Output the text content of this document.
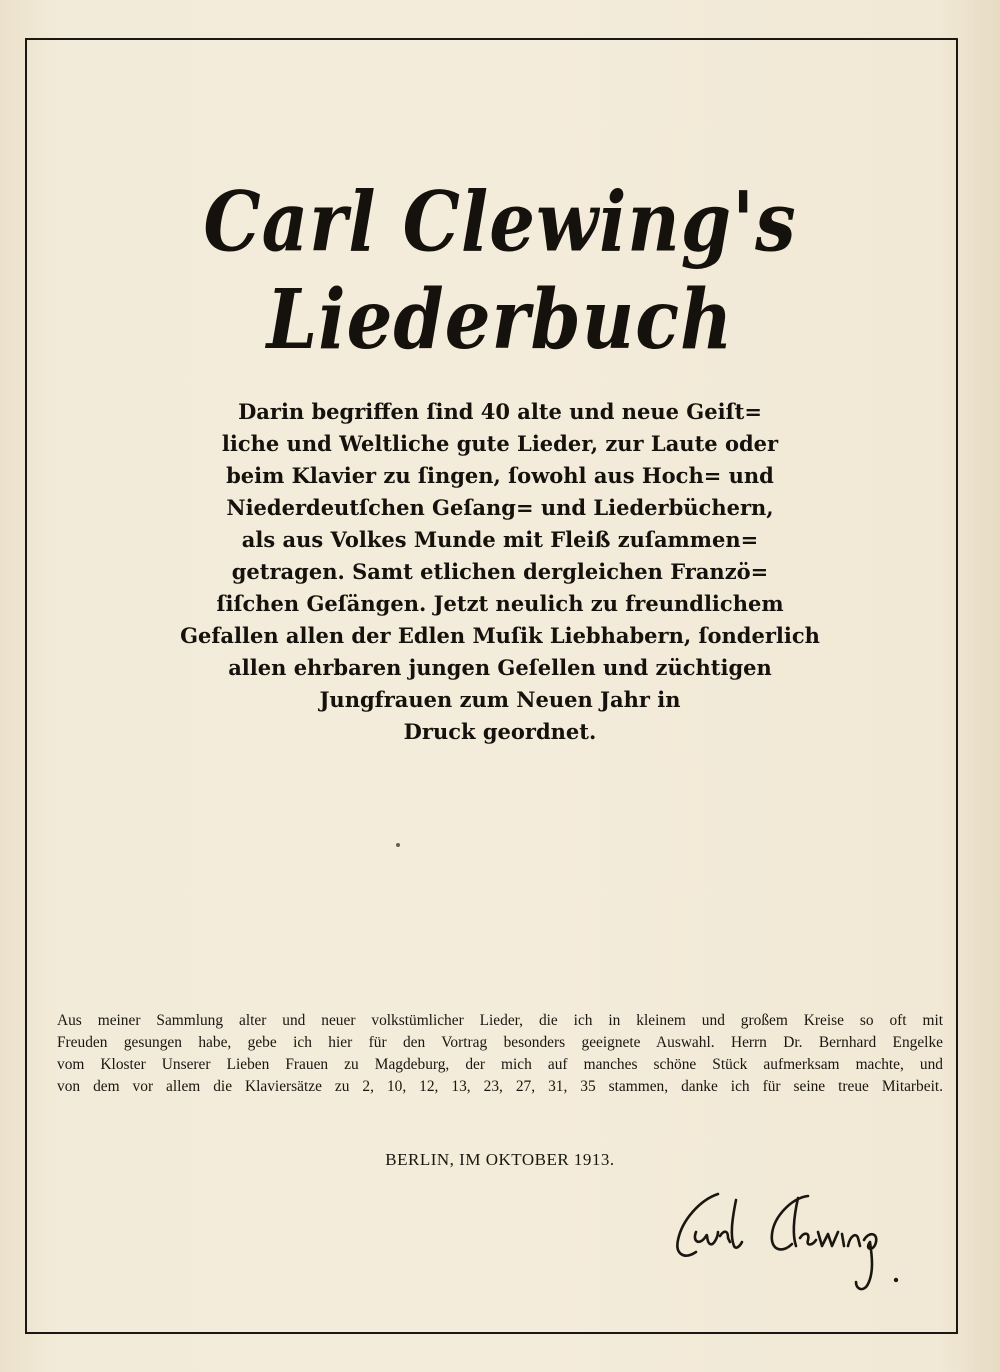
Carl Clewing's Liederbuch

Darin begriffen ſind 40 alte und neue Geiſt=
liche und Weltliche gute Lieder, zur Laute oder
beim Klavier zu ſingen, ſowohl aus Hoch= und
Niederdeutſchen Geſang= und Liederbüchern,
als aus Volkes Munde mit Fleiß zuſammen=
getragen. Samt etlichen dergleichen Franzö=
ſiſchen Geſängen. Jetzt neulich zu freundlichem
Gefallen allen der Edlen Muſik Liebhabern, ſonderlich
allen ehrbaren jungen Geſellen und züchtigen
Jungfrauen zum Neuen Jahr in
Druck geordnet.

Aus meiner Sammlung alter und neuer volkstümlicher Lieder, die ich in kleinem und großem Kreise so oft mit
Freuden gesungen habe, gebe ich hier für den Vortrag besonders geeignete Auswahl. Herrn Dr. Bernhard Engelke
vom Kloster Unserer Lieben Frauen zu Magdeburg, der mich auf manches schöne Stück aufmerksam machte, und
von dem vor allem die Klaviersätze zu 2, 10, 12, 13, 23, 27, 31, 35 stammen, danke ich für seine treue Mitarbeit.

BERLIN, IM OKTOBER 1913.
